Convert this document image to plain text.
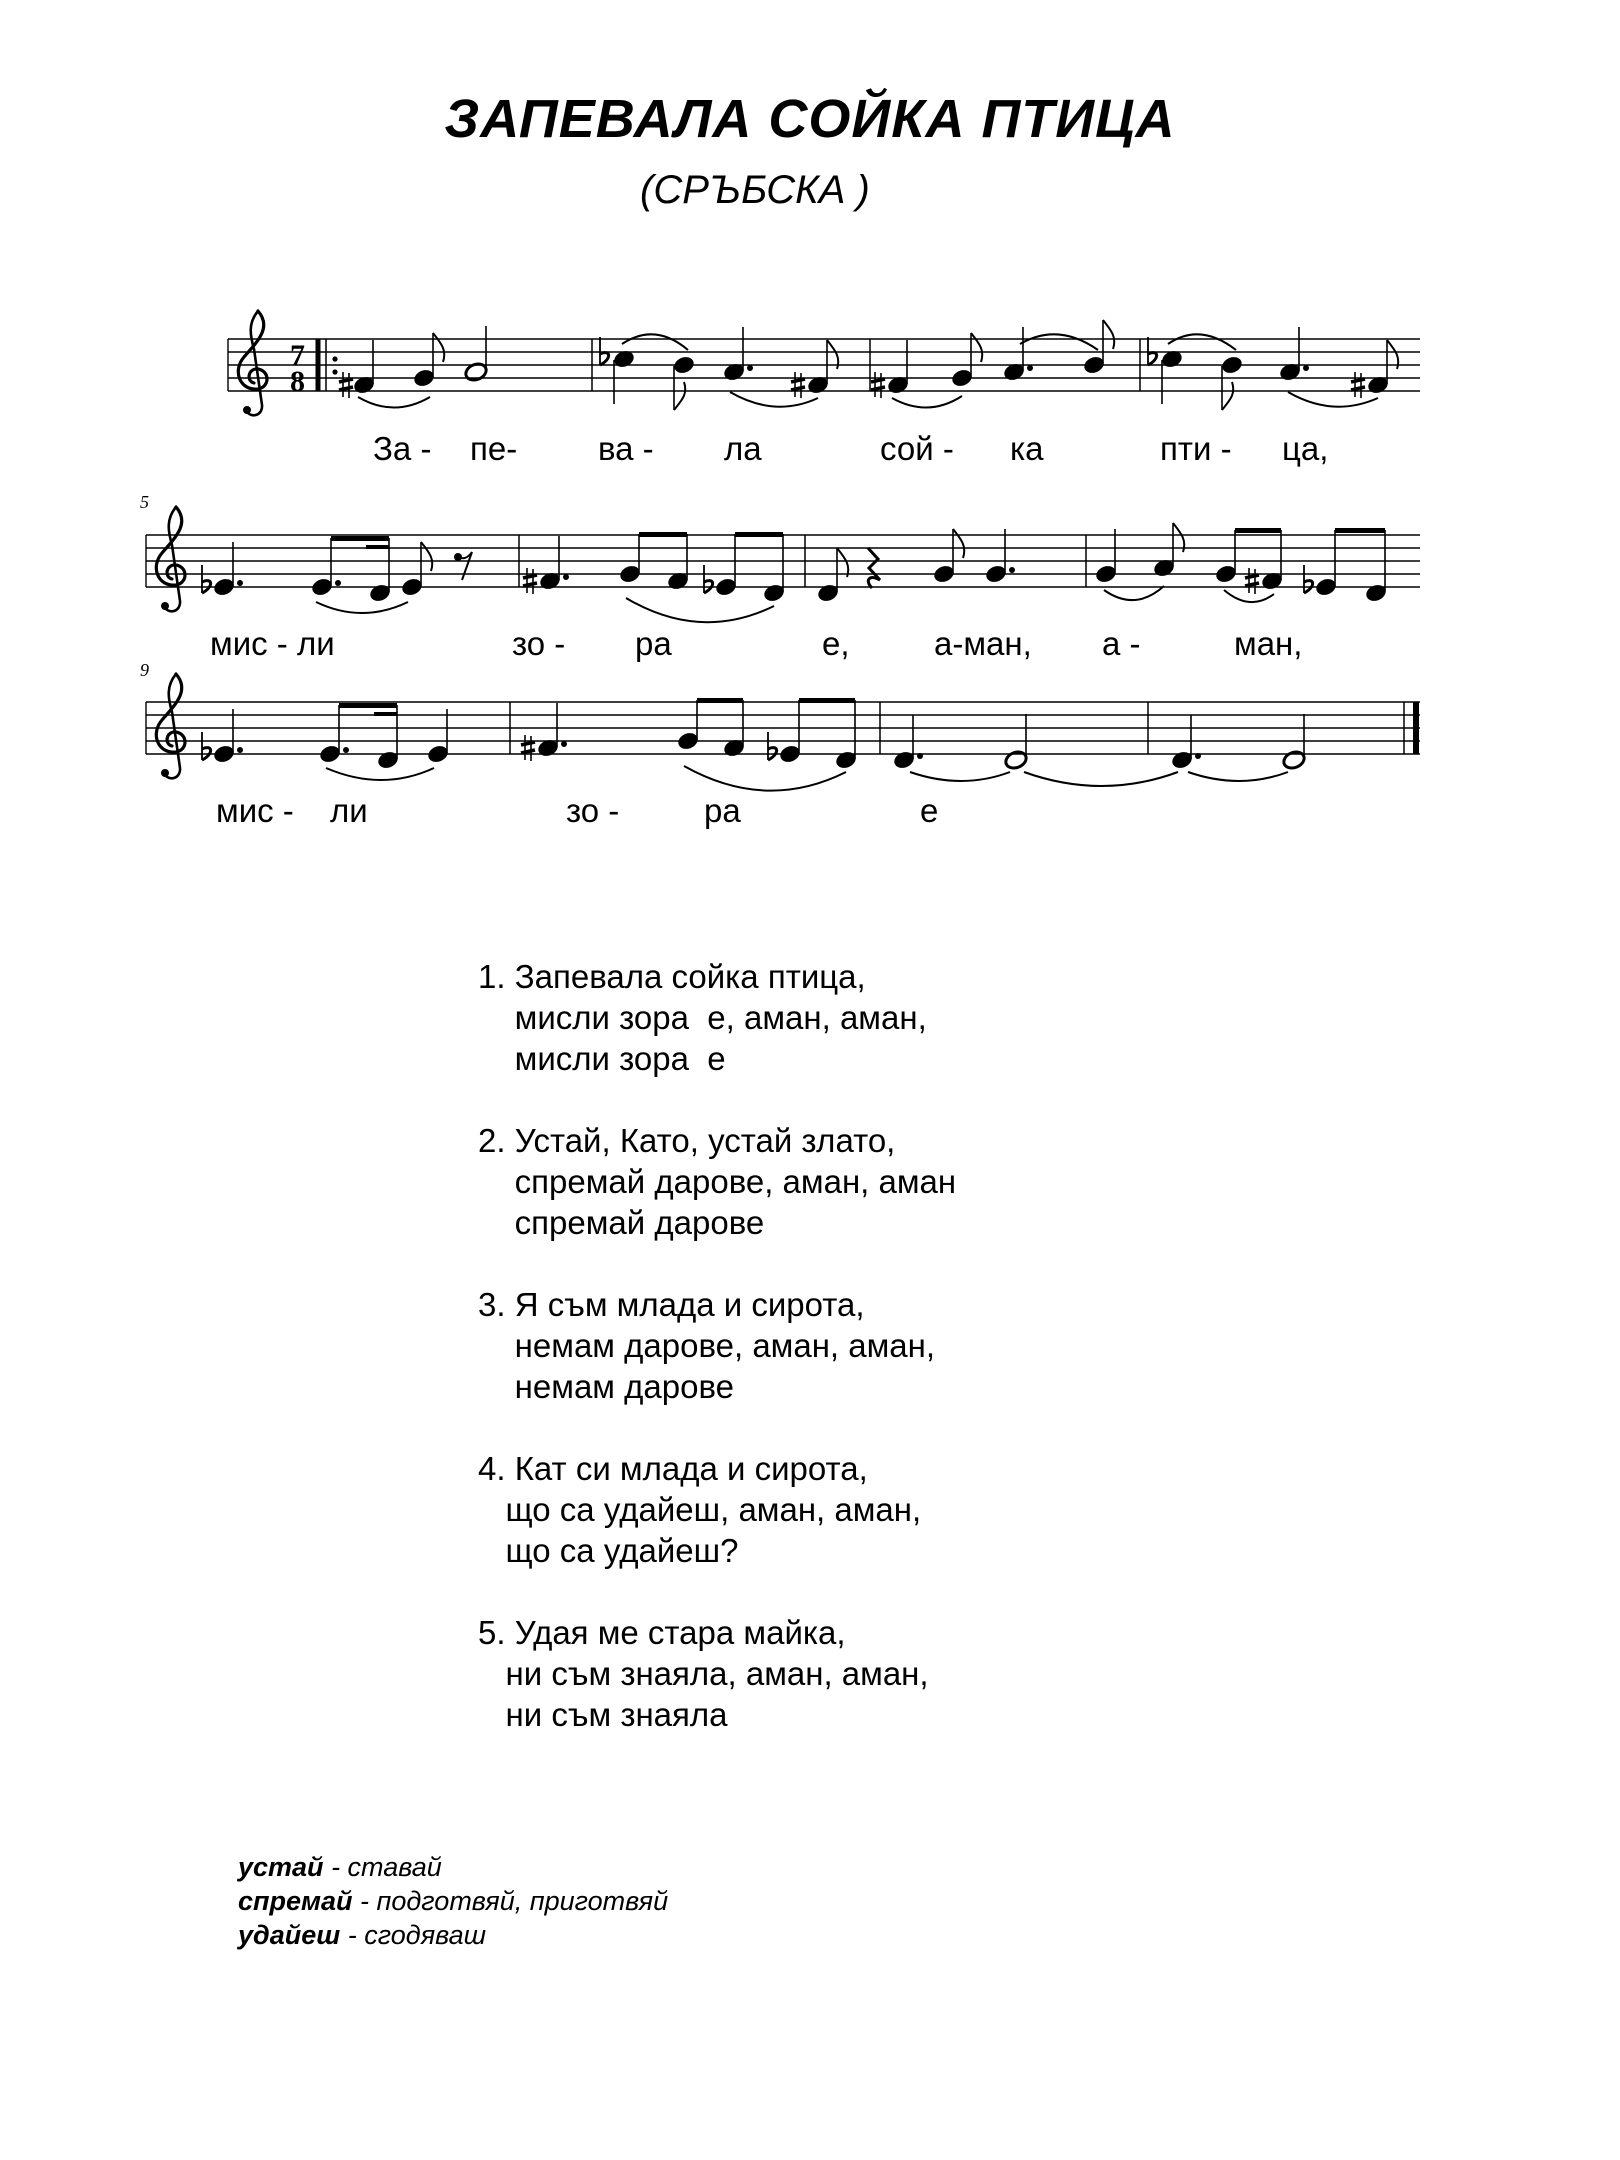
ЗАПЕВАЛА СОЙКА ПТИЦА
(СРЪБСКА )
7
8
За - пе- ва - ла	сой - ка	пти - ца,
5
мис - ли	зо - ра	е,	а-ман, а -	ман,
9
мис - ли	зо -	ра	е
1. Запевала сойка птица,
мисли зора  е, аман, аман,
мисли зора  е
2. Устай, Като, устай злато,
спремай дарове, аман, аман
спремай дарове
3. Я съм млада и сирота,
немам дарове, аман, аман,
немам дарове
4. Кат си млада и сирота,
що са удайеш, аман, аман,
що са удайеш?
5. Удая ме стара майка,
ни съм знаяла, аман, аман,
ни съм знаяла
устай - ставай
спремай - подготвяй, приготвяй
удайеш - сгодяваш
